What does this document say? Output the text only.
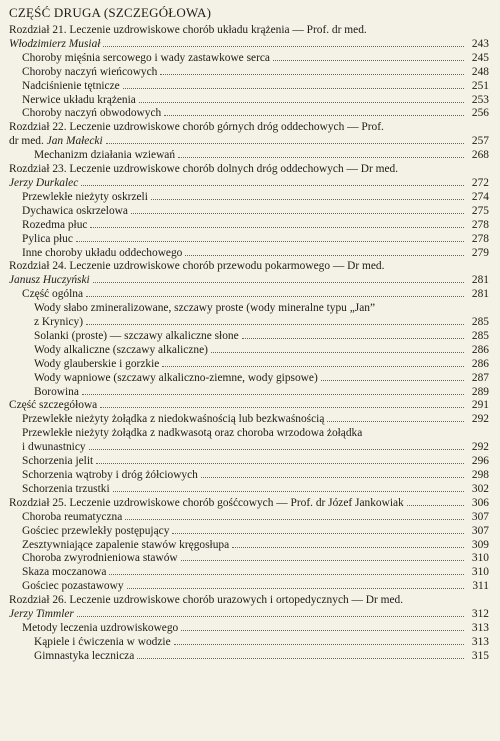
CZĘŚĆ DRUGA (SZCZEGÓŁOWA)
Rozdział 21. Leczenie uzdrowiskowe chorób układu krążenia — Prof. dr med.
Włodzimierz Musiał	243
Choroby mięśnia sercowego i wady zastawkowe serca	245
Choroby naczyń wieńcowych	248
Nadciśnienie tętnicze	251
Nerwice układu krążenia	253
Choroby naczyń obwodowych	256
Rozdział 22. Leczenie uzdrowiskowe chorób górnych dróg oddechowych — Prof.
dr med. Jan Małecki	257
Mechanizm działania wziewań	268
Rozdział 23. Leczenie uzdrowiskowe chorób dolnych dróg oddechowych — Dr med.
Jerzy Durkalec	272
Przewlekłe nieżyty oskrzeli	274
Dychawica oskrzelowa	275
Rozedma płuc	278
Pylica płuc	278
Inne choroby układu oddechowego	279
Rozdział 24. Leczenie uzdrowiskowe chorób przewodu pokarmowego — Dr med.
Janusz Huczyński	281
Część ogólna	281
Wody słabo zmineralizowane, szczawy proste (wody mineralne typu „Jan”
z Krynicy)	285
Solanki (proste) — szczawy alkaliczne słone	285
Wody alkaliczne (szczawy alkaliczne)	286
Wody glauberskie i gorzkie	286
Wody wapniowe (szczawy alkaliczno-ziemne, wody gipsowe)	287
Borowina	289
Część szczegółowa	291
Przewlekłe nieżyty żołądka z niedokwaśnością lub bezkwaśnością	292
Przewlekłe nieżyty żołądka z nadkwasotą oraz choroba wrzodowa żołądka
i dwunastnicy	292
Schorzenia jelit	296
Schorzenia wątroby i dróg żółciowych	298
Schorzenia trzustki	302
Rozdział 25. Leczenie uzdrowiskowe chorób gośćcowych — Prof. dr Józef Jankowiak	306
Choroba reumatyczna	307
Gościec przewlekły postępujący	307
Zesztywniające zapalenie stawów kręgosłupa	309
Choroba zwyrodnieniowa stawów	310
Skaza moczanowa	310
Gościec pozastawowy	311
Rozdział 26. Leczenie uzdrowiskowe chorób urazowych i ortopedycznych — Dr med.
Jerzy Timmler	312
Metody leczenia uzdrowiskowego	313
Kąpiele i ćwiczenia w wodzie	313
Gimnastyka lecznicza	315
